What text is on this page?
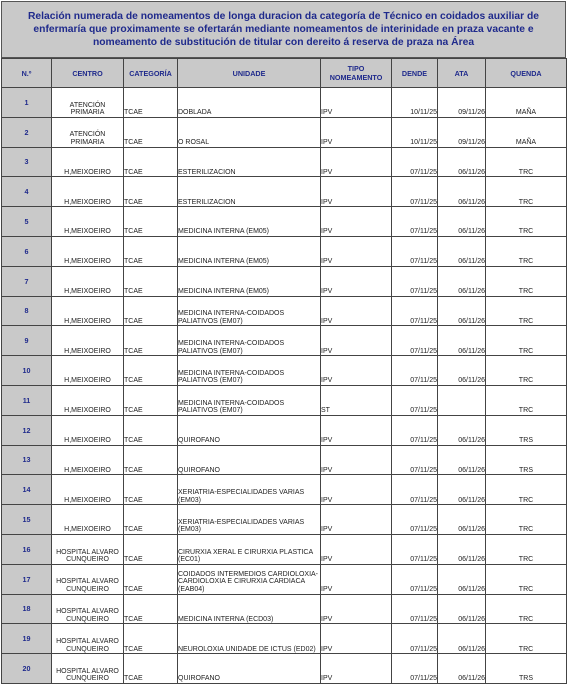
Relación numerada de nomeamentos de longa duracion da categoría de Técnico en coidados auxiliar de enfermaría que proximamente se ofertarán mediante nomeamentos de interinidade en praza vacante e nomeamento de substitución de titular con dereito á reserva de praza na Área
N.º	CENTRO	CATEGORÍA	UNIDADE	TIPO NOMEAMENTO	DENDE	ATA	QUENDA
1	ATENCIÓN PRIMARIA	TCAE	DOBLADA	IPV	10/11/25	09/11/26	MAÑA
2	ATENCIÓN PRIMARIA	TCAE	O ROSAL	IPV	10/11/25	09/11/26	MAÑA
3	H,MEIXOEIRO	TCAE	ESTERILIZACION	IPV	07/11/25	06/11/26	TRC
4	H,MEIXOEIRO	TCAE	ESTERILIZACION	IPV	07/11/25	06/11/26	TRC
5	H,MEIXOEIRO	TCAE	MEDICINA INTERNA (EM05)	IPV	07/11/25	06/11/26	TRC
6	H,MEIXOEIRO	TCAE	MEDICINA INTERNA (EM05)	IPV	07/11/25	06/11/26	TRC
7	H,MEIXOEIRO	TCAE	MEDICINA INTERNA (EM05)	IPV	07/11/25	06/11/26	TRC
8	H,MEIXOEIRO	TCAE	MEDICINA INTERNA-COIDADOS PALIATIVOS (EM07)	IPV	07/11/25	06/11/26	TRC
9	H,MEIXOEIRO	TCAE	MEDICINA INTERNA-COIDADOS PALIATIVOS (EM07)	IPV	07/11/25	06/11/26	TRC
10	H,MEIXOEIRO	TCAE	MEDICINA INTERNA-COIDADOS PALIATIVOS (EM07)	IPV	07/11/25	06/11/26	TRC
11	H,MEIXOEIRO	TCAE	MEDICINA INTERNA-COIDADOS PALIATIVOS (EM07)	ST	07/11/25		TRC
12	H,MEIXOEIRO	TCAE	QUIROFANO	IPV	07/11/25	06/11/26	TRS
13	H,MEIXOEIRO	TCAE	QUIROFANO	IPV	07/11/25	06/11/26	TRS
14	H,MEIXOEIRO	TCAE	XERIATRIA-ESPECIALIDADES VARIAS (EM03)	IPV	07/11/25	06/11/26	TRC
15	H,MEIXOEIRO	TCAE	XERIATRIA-ESPECIALIDADES VARIAS (EM03)	IPV	07/11/25	06/11/26	TRC
16	HOSPITAL ALVARO CUNQUEIRO	TCAE	CIRURXIA XERAL E CIRURXIA PLASTICA (EC01)	IPV	07/11/25	06/11/26	TRC
17	HOSPITAL ALVARO CUNQUEIRO	TCAE	COIDADOS INTERMEDIOS CARDIOLOXIA-CARDIOLOXIA E CIRURXIA CARDIACA (EAB04)	IPV	07/11/25	06/11/26	TRC
18	HOSPITAL ALVARO CUNQUEIRO	TCAE	MEDICINA INTERNA (ECD03)	IPV	07/11/25	06/11/26	TRC
19	HOSPITAL ALVARO CUNQUEIRO	TCAE	NEUROLOXIA UNIDADE DE ICTUS (ED02)	IPV	07/11/25	06/11/26	TRC
20	HOSPITAL ALVARO CUNQUEIRO	TCAE	QUIROFANO	IPV	07/11/25	06/11/26	TRS
